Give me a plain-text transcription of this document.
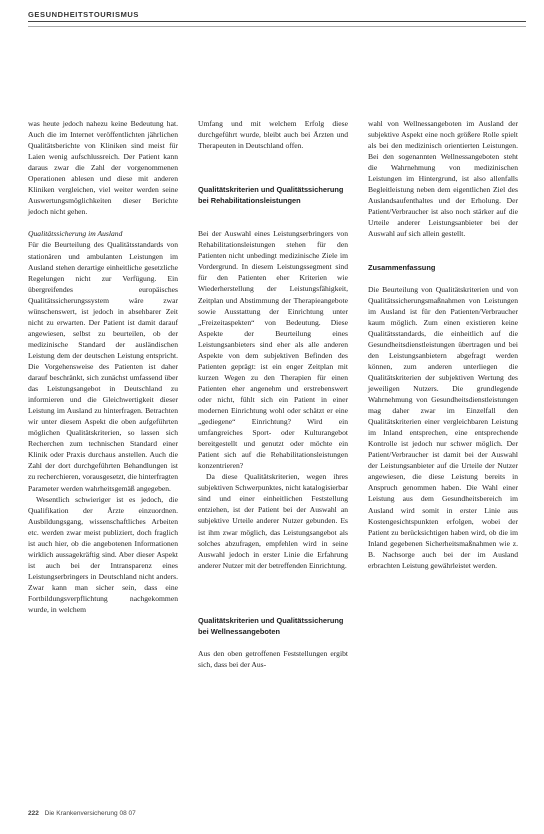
GESUNDHEITSTOURISMUS

was heute jedoch nahezu keine Bedeutung hat. Auch die im Internet veröffentlichten jährlichen Qualitätsberichte von Kliniken sind meist für Laien wenig aufschlussreich. Der Patient kann daraus zwar die Zahl der vorgenommenen Operationen ablesen und diese mit anderen Kliniken vergleichen, viel weiter werden seine Auswertungsmöglichkeiten dieser Berichte jedoch nicht gehen.

Qualitätssicherung im Ausland

Für die Beurteilung des Qualitätsstandards von stationären und ambulanten Leistungen im Ausland stehen derartige einheitliche gesetzliche Regelungen nicht zur Verfügung. Ein übergreifendes europäisches Qualitätssicherungssystem wäre zwar wünschenswert, ist jedoch in absehbarer Zeit nicht zu erwarten. Der Patient ist damit darauf angewiesen, selbst zu beurteilen, ob der medizinische Standard der ausländischen Leistung dem der deutschen Leistung entspricht. Die Vorgehensweise des Patienten ist daher darauf beschränkt, sich zunächst umfassend über das Leistungsangebot in Deutschland zu informieren und die Gleichwertigkeit dieser Leistung im Ausland zu hinterfragen. Betrachten wir unter diesem Aspekt die oben aufgeführten möglichen Qualitätskriterien, so lassen sich Recherchen zum technischen Standard einer Klinik oder Praxis durchaus anstellen. Auch die Zahl der dort durchgeführten Behandlungen ist zu recherchieren, vorausgesetzt, die hinterfragten Parameter werden wahrheitsgemäß angegeben.

Wesentlich schwieriger ist es jedoch, die Qualifikation der Ärzte einzuordnen. Ausbildungsgang, wissenschaftliches Arbeiten etc. werden zwar meist publiziert, doch fraglich ist auch hier, ob die angebotenen Informationen wirklich aussagekräftig sind. Aber dieser Aspekt ist auch bei der Intransparenz eines Leistungserbringers in Deutschland nicht anders. Zwar kann man sicher sein, dass eine Fortbildungsverpflichtung nachgekommen wurde, in welchem

Umfang und mit welchem Erfolg diese durchgeführt wurde, bleibt auch bei Ärzten und Therapeuten in Deutschland offen.

Qualitätskriterien und Qualitätssicherung bei Rehabilitationsleistungen

Bei der Auswahl eines Leistungserbringers von Rehabilitationsleistungen stehen für den Patienten nicht unbedingt medizinische Ziele im Vordergrund. In diesem Leistungssegment sind für den Patienten eher Kriterien wie Wiederherstellung der Leistungsfähigkeit, Zeitplan und Abstimmung der Therapieangebote sowie Ausstattung der Einrichtung unter „Freizeitaspekten“ von Bedeutung. Diese Aspekte der Beurteilung eines Leistungsanbieters sind eher als alle anderen Aspekte von dem subjektiven Befinden des Patienten geprägt: ist ein enger Zeitplan mit kurzen Wegen zu den Therapien für einen Patienten eher angenehm und erstrebenswert oder nicht, fühlt sich ein Patient in einer modernen Einrichtung wohl oder schätzt er eine „gediegene“ Einrichtung? Wird ein umfangreiches Sport- oder Kulturangebot bereitgestellt und genutzt oder möchte ein Patient sich auf die Rehabilitationsleistungen konzentrieren?

Da diese Qualitätskriterien, wegen ihres subjektiven Schwerpunktes, nicht katalogisierbar sind und einer einheitlichen Feststellung entziehen, ist der Patient bei der Auswahl an subjektive Urteile anderer Nutzer gebunden. Es ist ihm zwar möglich, das Leistungsangebot als solches abzufragen, empfehlen wird in seine Auswahl jedoch in erster Linie die Erfahrung anderer Nutzer mit der betreffenden Einrichtung.

Qualitätskriterien und Qualitätssicherung bei Wellnessangeboten

Aus den oben getroffenen Feststellungen ergibt sich, dass bei der Aus-

wahl von Wellnessangeboten im Ausland der subjektive Aspekt eine noch größere Rolle spielt als bei den medizinisch orientierten Leistungen. Bei den sogenannten Wellnessangeboten steht die Wahrnehmung von medizinischen Leistungen im Hintergrund, ist also allenfalls Begleitleistung neben dem eigentlichen Ziel des Auslandsaufenthaltes und der Erholung. Der Patient/Verbraucher ist also noch stärker auf die Urteile anderer Leistungsanbieter bei der Auswahl auf sich allein gestellt.

Zusammenfassung

Die Beurteilung von Qualitätskriterien und von Qualitätssicherungsmaßnahmen von Leistungen im Ausland ist für den Patienten/Verbraucher kaum möglich. Zum einen existieren keine Qualitätsstandards, die einheitlich auf die Gesundheitsdienstleistungen übertragen und bei den Leistungsanbietern abgefragt werden können, zum anderen unterliegen die Qualitätskriterien der subjektiven Wertung des jeweiligen Nutzers. Die grundlegende Wahrnehmung von Gesundheitsdienstleistungen mag daher zwar im Einzelfall den Qualitätskriterien einer vergleichbaren Leistung im Inland entsprechen, eine entsprechende Kontrolle ist jedoch nur schwer möglich. Der Patient/Verbraucher ist damit bei der Auswahl der Leistungsanbieter auf die Urteile der Nutzer angewiesen, die diese Leistung bereits in Anspruch genommen haben. Die Wahl einer Leistung aus dem Gesundheitsbereich im Ausland wird somit in erster Linie aus Kostengesichtspunkten erfolgen, wobei der Patient zu berücksichtigen haben wird, ob die im Inland gegebenen Sicherheitsmaßnahmen wie z. B. Nachsorge auch bei der im Ausland erbrachten Leistung gewährleistet werden.

222 Die Krankenversicherung 08 07
